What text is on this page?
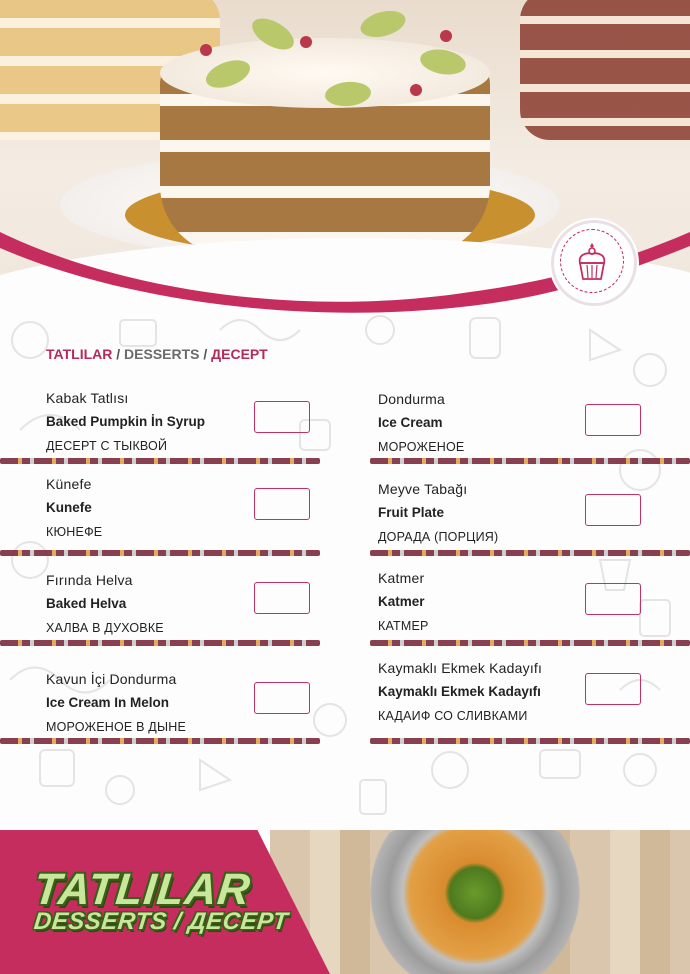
TATLILAR / DESSERTS / ДЕСЕРТ
Kabak Tatlısı
Baked Pumpkin İn Syrup
ДЕСЕРТ С ТЫКВОЙ
Künefe
Kunefe
КЮНЕФЕ
Fırında Helva
Baked Helva
ХАЛВА В ДУХОВКЕ
Kavun İçi Dondurma
Ice Cream In Melon
МОРОЖЕНОЕ В ДЫНЕ
Dondurma
Ice Cream
МОРОЖЕНОЕ
Meyve Tabağı
Fruit Plate
ДОРАДА (ПОРЦИЯ)
Katmer
Katmer
КАТМЕР
Kaymaklı Ekmek Kadayıfı
Kaymaklı Ekmek Kadayıfı
КАДАИФ СО СЛИВКАМИ
TATLILAR
DESSERTS / ДЕСЕРТ
